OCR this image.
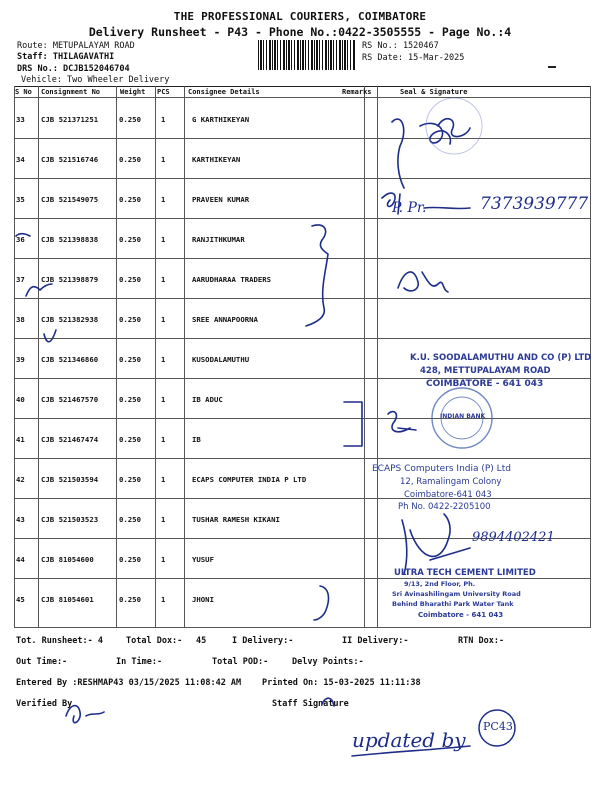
THE PROFESSIONAL COURIERS, COIMBATORE
Delivery Runsheet - P43 - Phone No.:0422-3505555 - Page No.:4
Route: METUPALAYAM ROAD
Staff: THILAGAVATHI
DRS No.: DCJB152046704
Vehicle: Two Wheeler Delivery
RS No.: 1520467
RS Date: 15-Mar-2025
S No Consignment No	Weight PCS	Consignee Details	Remarks	Seal & Signature
33 CJB 521371251	0.250	1	G KARTHIKEYAN
34 CJB 521516746	0.250	1	KARTHIKEYAN
35 CJB 521549075	0.250	1	PRAVEEN KUMAR
36 CJB 521398838	0.250	1	RANJITHKUMAR
37 CJB 521398879	0.250	1	AARUDHARAA TRADERS
38 CJB 521382938	0.250	1	SREE ANNAPOORNA
39 CJB 521346860	0.250	1	KUSODALAMUTHU
40 CJB 521467570	0.250	1	IB ADUC
41 CJB 521467474	0.250	1	IB
42 CJB 521503594	0.250	1	ECAPS COMPUTER INDIA P LTD
43 CJB 521503523	0.250	1	TUSHAR RAMESH KIKANI
44 CJB 81054600	0.250	1	YUSUF
45 CJB 81054601	0.250	1	JHONI
Tot. Runsheet:- 4	Total Dox:- 45	I Delivery:-	II Delivery:-	RTN Dox:-
Out Time:-	In Time:-	Total POD:-	Delvy Points:-
Entered By :RESHMAP43 03/15/2025 11:08:42 AM Printed On: 15-03-2025 11:11:38
Verified By	Staff Signature
7373939777
P. Pr.
K.U. SOODALAMUTHU AND CO (P) LTD
428, METTUPALAYAM ROAD
COIMBATORE - 641 043
INDIAN BANK
ECAPS Computers India (P) Ltd
12, Ramalingam Colony
Coimbatore-641 043
Ph No. 0422-2205100
9894402421
ULTRA TECH CEMENT LIMITED
9/13, 2nd Floor, Ph.
Sri Avinashilingam University Road
Behind Bharathi Park Water Tank
Coimbatore - 641 043
updated by
PC43
